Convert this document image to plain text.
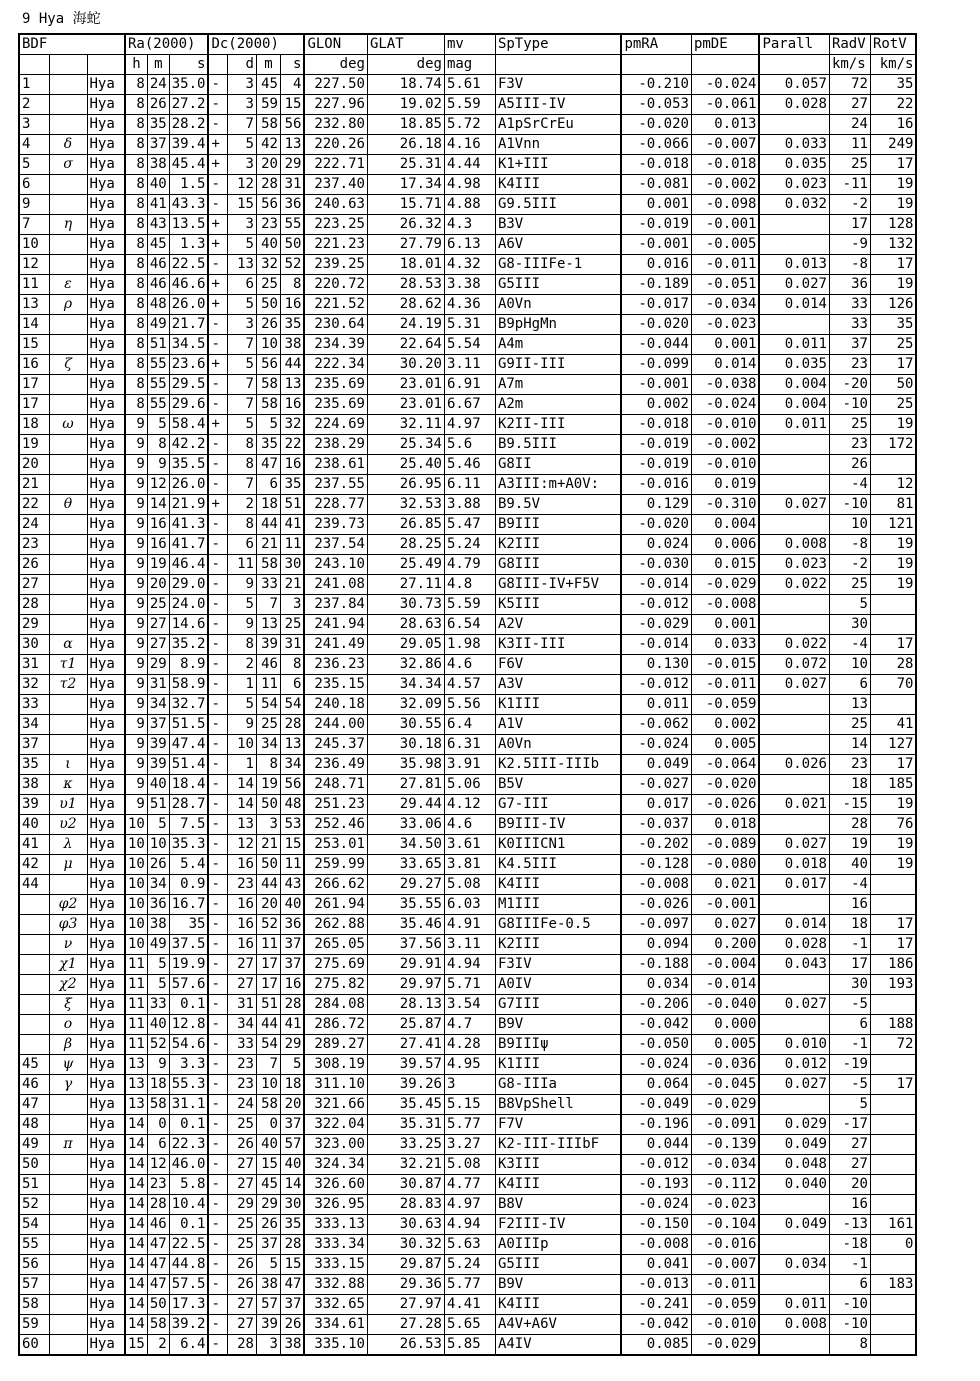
9 Hya 海蛇
BDF			Ra(2000)			Dc(2000)				GLON	GLAT	mv	SpType	pmRA	pmDE	Parall	RadV	RotV
			h	m	s		d	m	s	deg	deg	mag					km/s	km/s
1		Hya	8	24	35.0	-	3	45	4	227.50	18.74	5.61	F3V	-0.210	-0.024	0.057	72	35
2		Hya	8	26	27.2	-	3	59	15	227.96	19.02	5.59	A5III-IV	-0.053	-0.061	0.028	27	22
3		Hya	8	35	28.2	-	7	58	56	232.80	18.85	5.72	A1pSrCrEu	-0.020	0.013		24	16
4	δ	Hya	8	37	39.4	+	5	42	13	220.26	26.18	4.16	A1Vnn	-0.066	-0.007	0.033	11	249
5	σ	Hya	8	38	45.4	+	3	20	29	222.71	25.31	4.44	K1+III	-0.018	-0.018	0.035	25	17
6		Hya	8	40	1.5	-	12	28	31	237.40	17.34	4.98	K4III	-0.081	-0.002	0.023	-11	19
9		Hya	8	41	43.3	-	15	56	36	240.63	15.71	4.88	G9.5III	0.001	-0.098	0.032	-2	19
7	η	Hya	8	43	13.5	+	3	23	55	223.25	26.32	4.3	B3V	-0.019	-0.001		17	128
10		Hya	8	45	1.3	+	5	40	50	221.23	27.79	6.13	A6V	-0.001	-0.005		-9	132
12		Hya	8	46	22.5	-	13	32	52	239.25	18.01	4.32	G8-IIIFe-1	0.016	-0.011	0.013	-8	17
11	ε	Hya	8	46	46.6	+	6	25	8	220.72	28.53	3.38	G5III	-0.189	-0.051	0.027	36	19
13	ρ	Hya	8	48	26.0	+	5	50	16	221.52	28.62	4.36	A0Vn	-0.017	-0.034	0.014	33	126
14		Hya	8	49	21.7	-	3	26	35	230.64	24.19	5.31	B9pHgMn	-0.020	-0.023		33	35
15		Hya	8	51	34.5	-	7	10	38	234.39	22.64	5.54	A4m	-0.044	0.001	0.011	37	25
16	ζ	Hya	8	55	23.6	+	5	56	44	222.34	30.20	3.11	G9II-III	-0.099	0.014	0.035	23	17
17		Hya	8	55	29.5	-	7	58	13	235.69	23.01	6.91	A7m	-0.001	-0.038	0.004	-20	50
17		Hya	8	55	29.6	-	7	58	16	235.69	23.01	6.67	A2m	0.002	-0.024	0.004	-10	25
18	ω	Hya	9	5	58.4	+	5	5	32	224.69	32.11	4.97	K2II-III	-0.018	-0.010	0.011	25	19
19		Hya	9	8	42.2	-	8	35	22	238.29	25.34	5.6	B9.5III	-0.019	-0.002		23	172
20		Hya	9	9	35.5	-	8	47	16	238.61	25.40	5.46	G8II	-0.019	-0.010		26	
21		Hya	9	12	26.0	-	7	6	35	237.55	26.95	6.11	A3III:m+A0V:	-0.016	0.019		-4	12
22	θ	Hya	9	14	21.9	+	2	18	51	228.77	32.53	3.88	B9.5V	0.129	-0.310	0.027	-10	81
24		Hya	9	16	41.3	-	8	44	41	239.73	26.85	5.47	B9III	-0.020	0.004		10	121
23		Hya	9	16	41.7	-	6	21	11	237.54	28.25	5.24	K2III	0.024	0.006	0.008	-8	19
26		Hya	9	19	46.4	-	11	58	30	243.10	25.49	4.79	G8III	-0.030	0.015	0.023	-2	19
27		Hya	9	20	29.0	-	9	33	21	241.08	27.11	4.8	G8III-IV+F5V	-0.014	-0.029	0.022	25	19
28		Hya	9	25	24.0	-	5	7	3	237.84	30.73	5.59	K5III	-0.012	-0.008		5	
29		Hya	9	27	14.6	-	9	13	25	241.94	28.63	6.54	A2V	-0.029	0.001		30	
30	α	Hya	9	27	35.2	-	8	39	31	241.49	29.05	1.98	K3II-III	-0.014	0.033	0.022	-4	17
31	τ1	Hya	9	29	8.9	-	2	46	8	236.23	32.86	4.6	F6V	0.130	-0.015	0.072	10	28
32	τ2	Hya	9	31	58.9	-	1	11	6	235.15	34.34	4.57	A3V	-0.012	-0.011	0.027	6	70
33		Hya	9	34	32.7	-	5	54	54	240.18	32.09	5.56	K1III	0.011	-0.059		13	
34		Hya	9	37	51.5	-	9	25	28	244.00	30.55	6.4	A1V	-0.062	0.002		25	41
37		Hya	9	39	47.4	-	10	34	13	245.37	30.18	6.31	A0Vn	-0.024	0.005		14	127
35	ι	Hya	9	39	51.4	-	1	8	34	236.49	35.98	3.91	K2.5III-IIIb	0.049	-0.064	0.026	23	17
38	κ	Hya	9	40	18.4	-	14	19	56	248.71	27.81	5.06	B5V	-0.027	-0.020		18	185
39	υ1	Hya	9	51	28.7	-	14	50	48	251.23	29.44	4.12	G7-III	0.017	-0.026	0.021	-15	19
40	υ2	Hya	10	5	7.5	-	13	3	53	252.46	33.06	4.6	B9III-IV	-0.037	0.018		28	76
41	λ	Hya	10	10	35.3	-	12	21	15	253.01	34.50	3.61	K0IIICN1	-0.202	-0.089	0.027	19	19
42	μ	Hya	10	26	5.4	-	16	50	11	259.99	33.65	3.81	K4.5III	-0.128	-0.080	0.018	40	19
44		Hya	10	34	0.9	-	23	44	43	266.62	29.27	5.08	K4III	-0.008	0.021	0.017	-4	
	φ2	Hya	10	36	16.7	-	16	20	40	261.94	35.55	6.03	M1III	-0.026	-0.001		16	
	φ3	Hya	10	38	35	-	16	52	36	262.88	35.46	4.91	G8IIIFe-0.5	-0.097	0.027	0.014	18	17
	ν	Hya	10	49	37.5	-	16	11	37	265.05	37.56	3.11	K2III	0.094	0.200	0.028	-1	17
	χ1	Hya	11	5	19.9	-	27	17	37	275.69	29.91	4.94	F3IV	-0.188	-0.004	0.043	17	186
	χ2	Hya	11	5	57.6	-	27	17	16	275.82	29.97	5.71	A0IV	0.034	-0.014		30	193
	ξ	Hya	11	33	0.1	-	31	51	28	284.08	28.13	3.54	G7III	-0.206	-0.040	0.027	-5	
	ο	Hya	11	40	12.8	-	34	44	41	286.72	25.87	4.7	B9V	-0.042	0.000		6	188
	β	Hya	11	52	54.6	-	33	54	29	289.27	27.41	4.28	B9IIIψ	-0.050	0.005	0.010	-1	72
45	ψ	Hya	13	9	3.3	-	23	7	5	308.19	39.57	4.95	K1III	-0.024	-0.036	0.012	-19	
46	γ	Hya	13	18	55.3	-	23	10	18	311.10	39.26	3	G8-IIIa	0.064	-0.045	0.027	-5	17
47		Hya	13	58	31.1	-	24	58	20	321.66	35.45	5.15	B8VpShell	-0.049	-0.029		5	
48		Hya	14	0	0.1	-	25	0	37	322.04	35.31	5.77	F7V	-0.196	-0.091	0.029	-17	
49	π	Hya	14	6	22.3	-	26	40	57	323.00	33.25	3.27	K2-III-IIIbF	0.044	-0.139	0.049	27	
50		Hya	14	12	46.0	-	27	15	40	324.34	32.21	5.08	K3III	-0.012	-0.034	0.048	27	
51		Hya	14	23	5.8	-	27	45	14	326.60	30.87	4.77	K4III	-0.193	-0.112	0.040	20	
52		Hya	14	28	10.4	-	29	29	30	326.95	28.83	4.97	B8V	-0.024	-0.023		16	
54		Hya	14	46	0.1	-	25	26	35	333.13	30.63	4.94	F2III-IV	-0.150	-0.104	0.049	-13	161
55		Hya	14	47	22.5	-	25	37	28	333.34	30.32	5.63	A0IIIp	-0.008	-0.016		-18	0
56		Hya	14	47	44.8	-	26	5	15	333.15	29.87	5.24	G5III	0.041	-0.007	0.034	-1	
57		Hya	14	47	57.5	-	26	38	47	332.88	29.36	5.77	B9V	-0.013	-0.011		6	183
58		Hya	14	50	17.3	-	27	57	37	332.65	27.97	4.41	K4III	-0.241	-0.059	0.011	-10	
59		Hya	14	58	39.2	-	27	39	26	334.61	27.28	5.65	A4V+A6V	-0.042	-0.010	0.008	-10	
60		Hya	15	2	6.4	-	28	3	38	335.10	26.53	5.85	A4IV	0.085	-0.029		8	
